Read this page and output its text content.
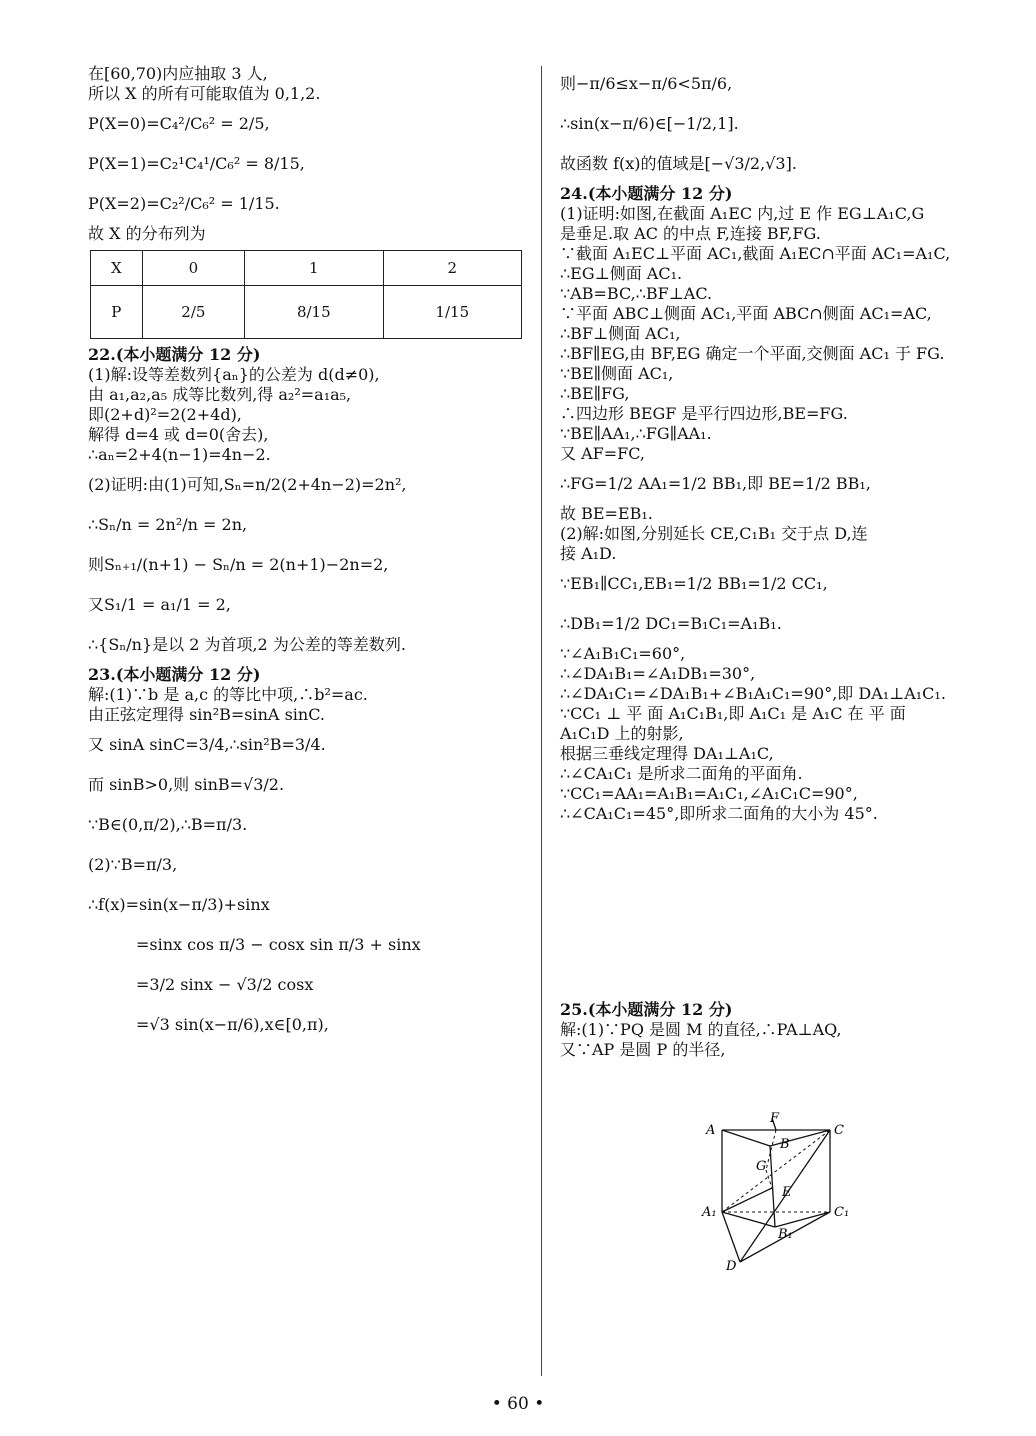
在[60,70)内应抽取 3 人,
所以 X 的所有可能取值为 0,1,2.
P(X=0)=C₄²/C₆² = 2/5,
P(X=1)=C₂¹C₄¹/C₆² = 8/15,
P(X=2)=C₂²/C₆² = 1/15.
故 X 的分布列为
X	0	1	2
P	2/5	8/15	1/15
22.(本小题满分 12 分)
(1)解:设等差数列{aₙ}的公差为 d(d≠0),
由 a₁,a₂,a₅ 成等比数列,得 a₂²=a₁a₅,
即(2+d)²=2(2+4d),
解得 d=4 或 d=0(舍去),
∴aₙ=2+4(n−1)=4n−2.
(2)证明:由(1)可知,Sₙ=n/2(2+4n−2)=2n²,
∴Sₙ/n = 2n²/n = 2n,
则Sₙ₊₁/(n+1) − Sₙ/n = 2(n+1)−2n=2,
又S₁/1 = a₁/1 = 2,
∴{Sₙ/n}是以 2 为首项,2 为公差的等差数列.
23.(本小题满分 12 分)
解:(1)∵b 是 a,c 的等比中项,∴b²=ac.
由正弦定理得 sin²B=sinA sinC.
又 sinA sinC=3/4,∴sin²B=3/4.
而 sinB>0,则 sinB=√3/2.
∵B∈(0,π/2),∴B=π/3.
(2)∵B=π/3,
∴f(x)=sin(x−π/3)+sinx
　　　=sinx cos π/3 − cosx sin π/3 + sinx
　　　=3/2 sinx − √3/2 cosx
　　　=√3 sin(x−π/6),x∈[0,π),
则−π/6≤x−π/6<5π/6,
∴sin(x−π/6)∈[−1/2,1].
故函数 f(x)的值域是[−√3/2,√3].
24.(本小题满分 12 分)
(1)证明:如图,在截面 A₁EC 内,过 E 作 EG⊥A₁C,G
是垂足.取 AC 的中点 F,连接 BF,FG.
∵截面 A₁EC⊥平面 AC₁,截面 A₁EC∩平面 AC₁=A₁C,
∴EG⊥侧面 AC₁.
∵AB=BC,∴BF⊥AC.
∵平面 ABC⊥侧面 AC₁,平面 ABC∩侧面 AC₁=AC,
∴BF⊥侧面 AC₁,
∴BF∥EG,由 BF,EG 确定一个平面,交侧面 AC₁ 于 FG.
∵BE∥侧面 AC₁,
∴BE∥FG,
∴四边形 BEGF 是平行四边形,BE=FG.
∵BE∥AA₁,∴FG∥AA₁.
又 AF=FC,
∴FG=1/2 AA₁=1/2 BB₁,即 BE=1/2 BB₁,
故 BE=EB₁.
(2)解:如图,分别延长 CE,C₁B₁ 交于点 D,连
接 A₁D.
∵EB₁∥CC₁,EB₁=1/2 BB₁=1/2 CC₁,
∴DB₁=1/2 DC₁=B₁C₁=A₁B₁.
∵∠A₁B₁C₁=60°,
∴∠DA₁B₁=∠A₁DB₁=30°,
∴∠DA₁C₁=∠DA₁B₁+∠B₁A₁C₁=90°,即 DA₁⊥A₁C₁.
∵CC₁ ⊥ 平 面 A₁C₁B₁,即 A₁C₁ 是 A₁C 在 平 面
A₁C₁D 上的射影,
根据三垂线定理得 DA₁⊥A₁C,
∴∠CA₁C₁ 是所求二面角的平面角.
∵CC₁=AA₁=A₁B₁=A₁C₁,∠A₁C₁C=90°,
∴∠CA₁C₁=45°,即所求二面角的大小为 45°.
25.(本小题满分 12 分)
解:(1)∵PQ 是圆 M 的直径,∴PA⊥AQ,
又∵AP 是圆 P 的半径,
A
F
C
B
G
E
A₁	C₁
B₁
D
• 60 •
